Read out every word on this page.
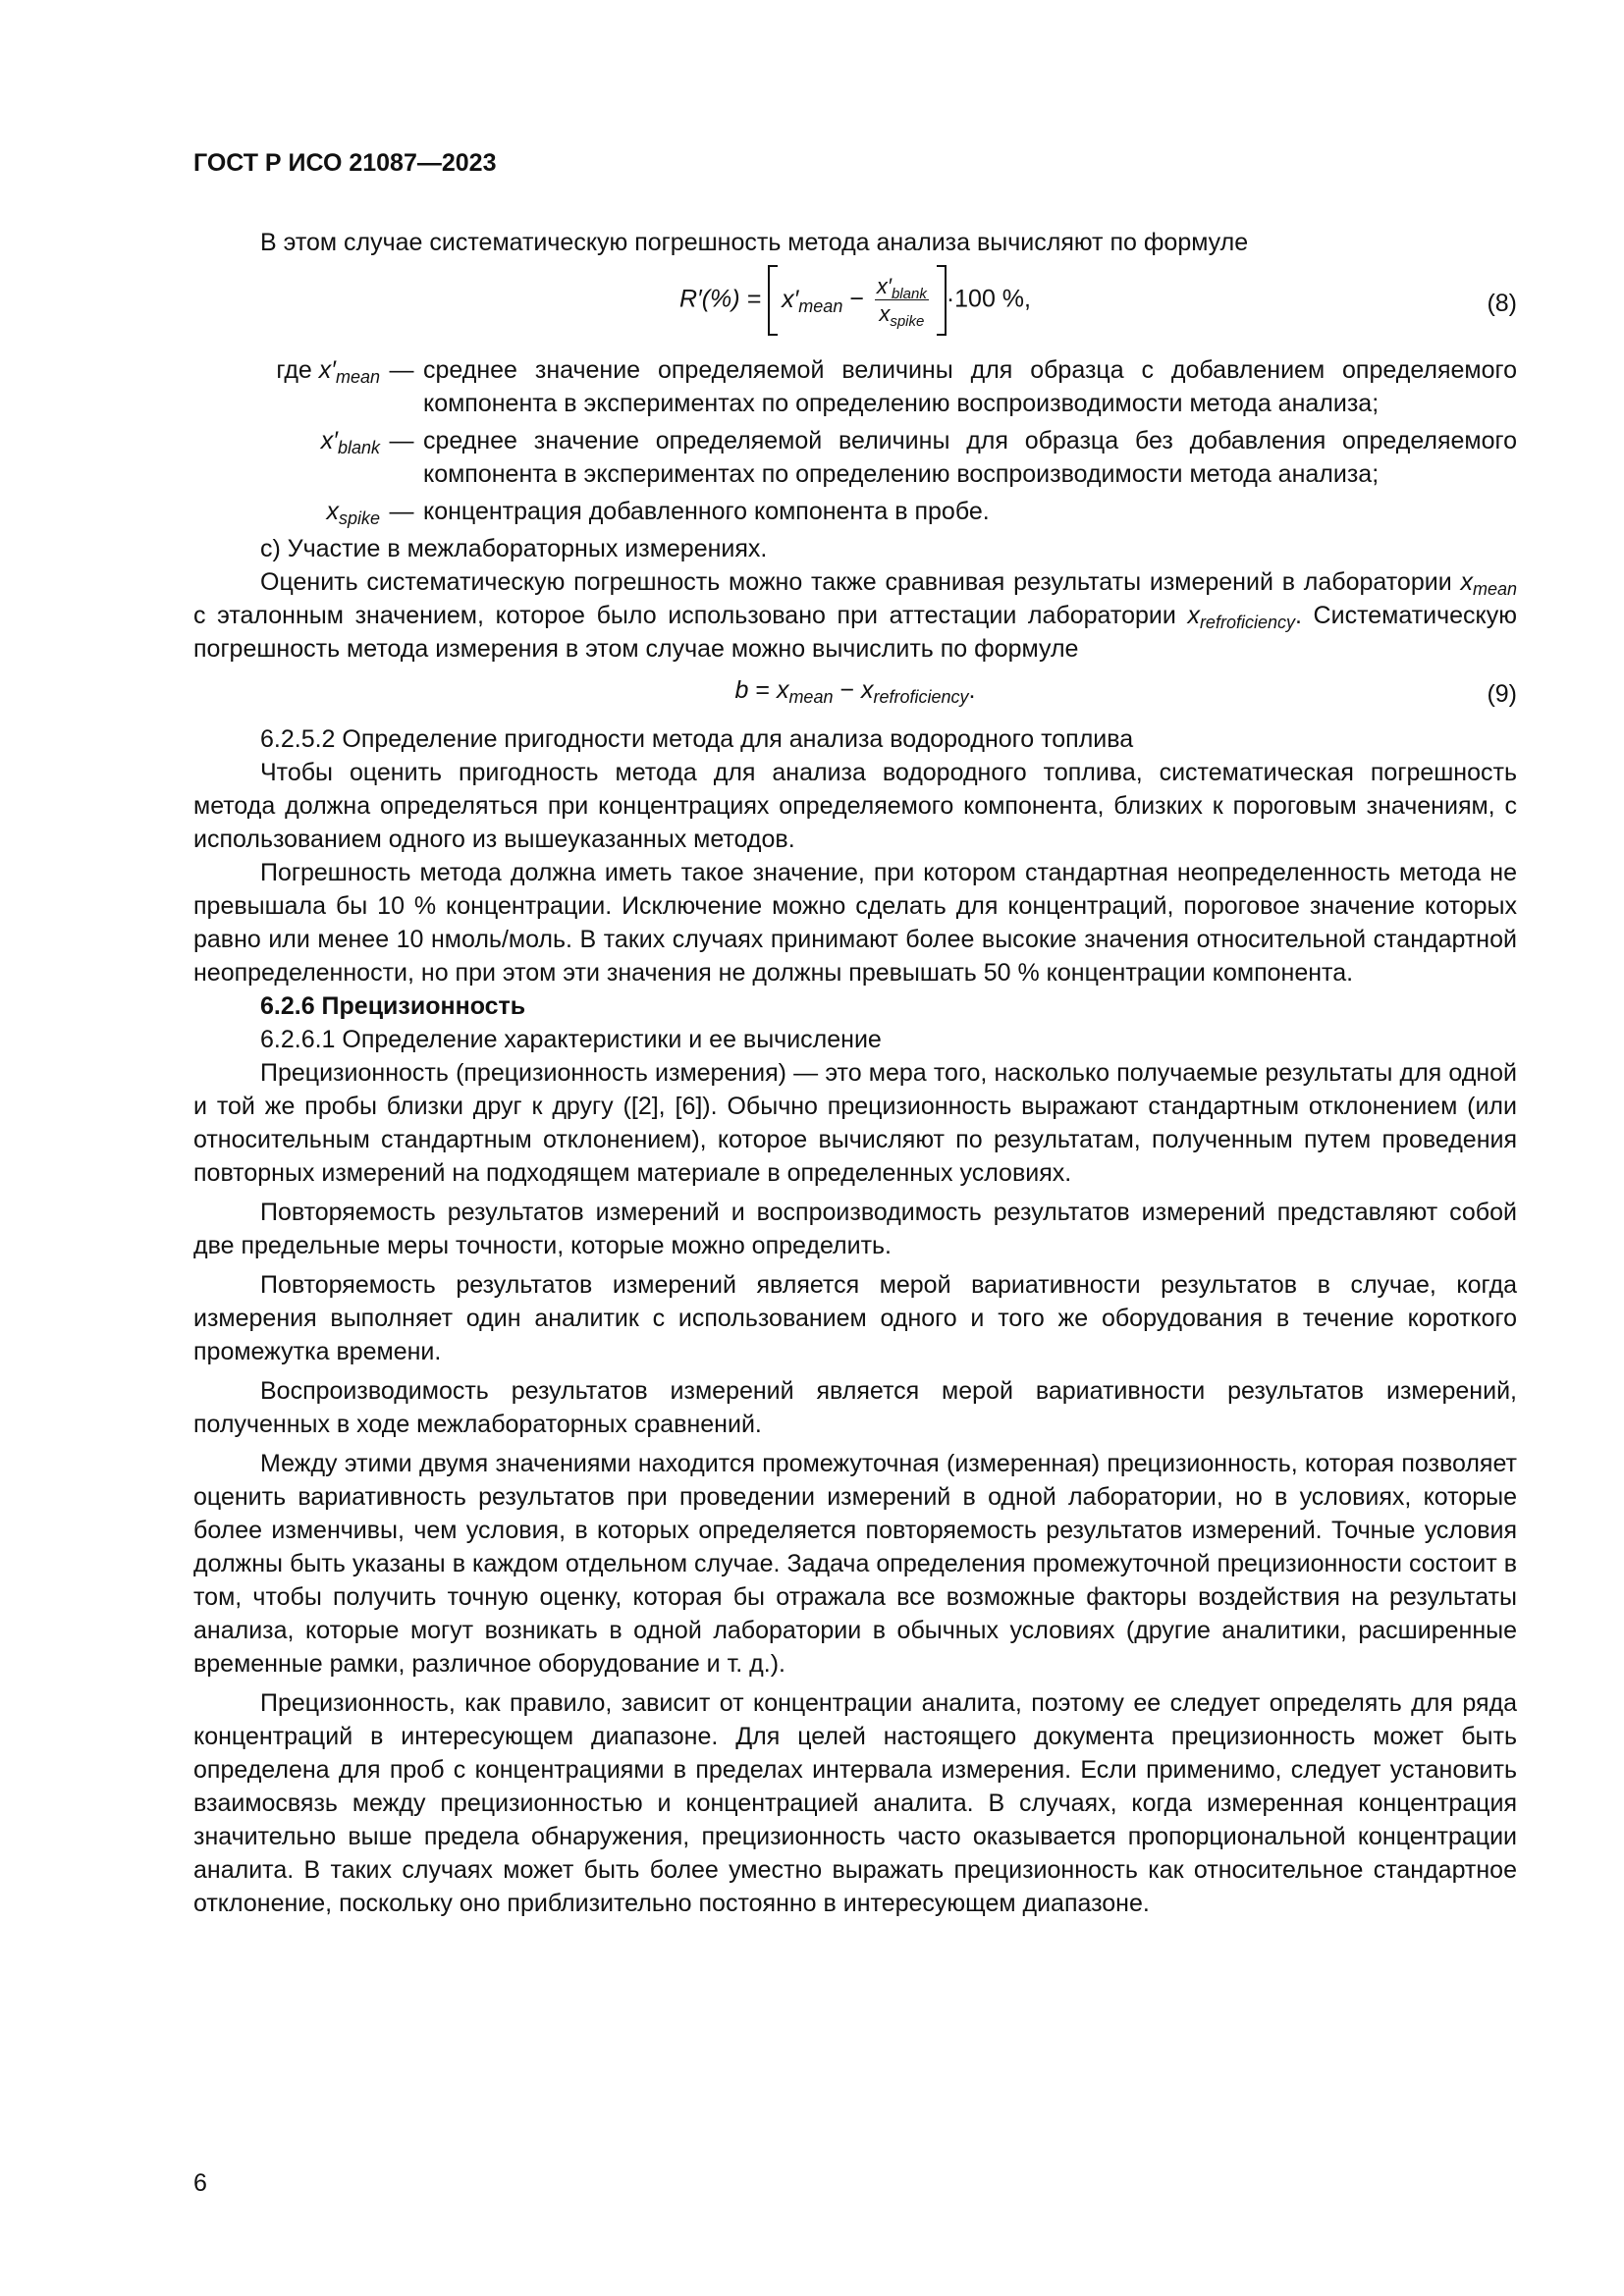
ГОСТ Р ИСО 21087—2023

В этом случае систематическую погрешность метода анализа вычисляют по формуле

$R'(\%) = x'_{mean} - \frac{x'_{blank}}{x_{spike}} \cdot 100$ %,	(8)
где $x'_{mean}$ — среднее значение определяемой величины для образца с добавлением определяемого компонента в экспериментах по определению воспроизводимости метода анализа;
$x'_{blank}$ — среднее значение определяемой величины для образца без добавления определяемого компонента в экспериментах по определению воспроизводимости метода анализа;
$x_{spike}$ — концентрация добавленного компонента в пробе.

c) Участие в межлабораторных измерениях.

Оценить систематическую погрешность можно также сравнивая результаты измерений в лаборатории $x_{mean}$ с эталонным значением, которое было использовано при аттестации лаборатории $x_{refroficiency}$. Систематическую погрешность метода измерения в этом случае можно вычислить по формуле

$b = x_{mean} - x_{refroficiency}$.	(9)

6.2.5.2 Определение пригодности метода для анализа водородного топлива

Чтобы оценить пригодность метода для анализа водородного топлива, систематическая погрешность метода должна определяться при концентрациях определяемого компонента, близких к пороговым значениям, с использованием одного из вышеуказанных методов.

Погрешность метода должна иметь такое значение, при котором стандартная неопределенность метода не превышала бы 10 % концентрации. Исключение можно сделать для концентраций, пороговое значение которых равно или менее 10 нмоль/моль. В таких случаях принимают более высокие значения относительной стандартной неопределенности, но при этом эти значения не должны превышать 50 % концентрации компонента.

6.2.6 Прецизионность

6.2.6.1 Определение характеристики и ее вычисление

Прецизионность (прецизионность измерения) — это мера того, насколько получаемые результаты для одной и той же пробы близки друг к другу ([2], [6]). Обычно прецизионность выражают стандартным отклонением (или относительным стандартным отклонением), которое вычисляют по результатам, полученным путем проведения повторных измерений на подходящем материале в определенных условиях.

Повторяемость результатов измерений и воспроизводимость результатов измерений представляют собой две предельные меры точности, которые можно определить.

Повторяемость результатов измерений является мерой вариативности результатов в случае, когда измерения выполняет один аналитик с использованием одного и того же оборудования в течение короткого промежутка времени.

Воспроизводимость результатов измерений является мерой вариативности результатов измерений, полученных в ходе межлабораторных сравнений.

Между этими двумя значениями находится промежуточная (измеренная) прецизионность, которая позволяет оценить вариативность результатов при проведении измерений в одной лаборатории, но в условиях, которые более изменчивы, чем условия, в которых определяется повторяемость результатов измерений. Точные условия должны быть указаны в каждом отдельном случае. Задача определения промежуточной прецизионности состоит в том, чтобы получить точную оценку, которая бы отражала все возможные факторы воздействия на результаты анализа, которые могут возникать в одной лаборатории в обычных условиях (другие аналитики, расширенные временные рамки, различное оборудование и т. д.).

Прецизионность, как правило, зависит от концентрации аналита, поэтому ее следует определять для ряда концентраций в интересующем диапазоне. Для целей настоящего документа прецизионность может быть определена для проб с концентрациями в пределах интервала измерения. Если применимо, следует установить взаимосвязь между прецизионностью и концентрацией аналита. В случаях, когда измеренная концентрация значительно выше предела обнаружения, прецизионность часто оказывается пропорциональной концентрации аналита. В таких случаях может быть более уместно выражать прецизионность как относительное стандартное отклонение, поскольку оно приблизительно постоянно в интересующем диапазоне.

6
